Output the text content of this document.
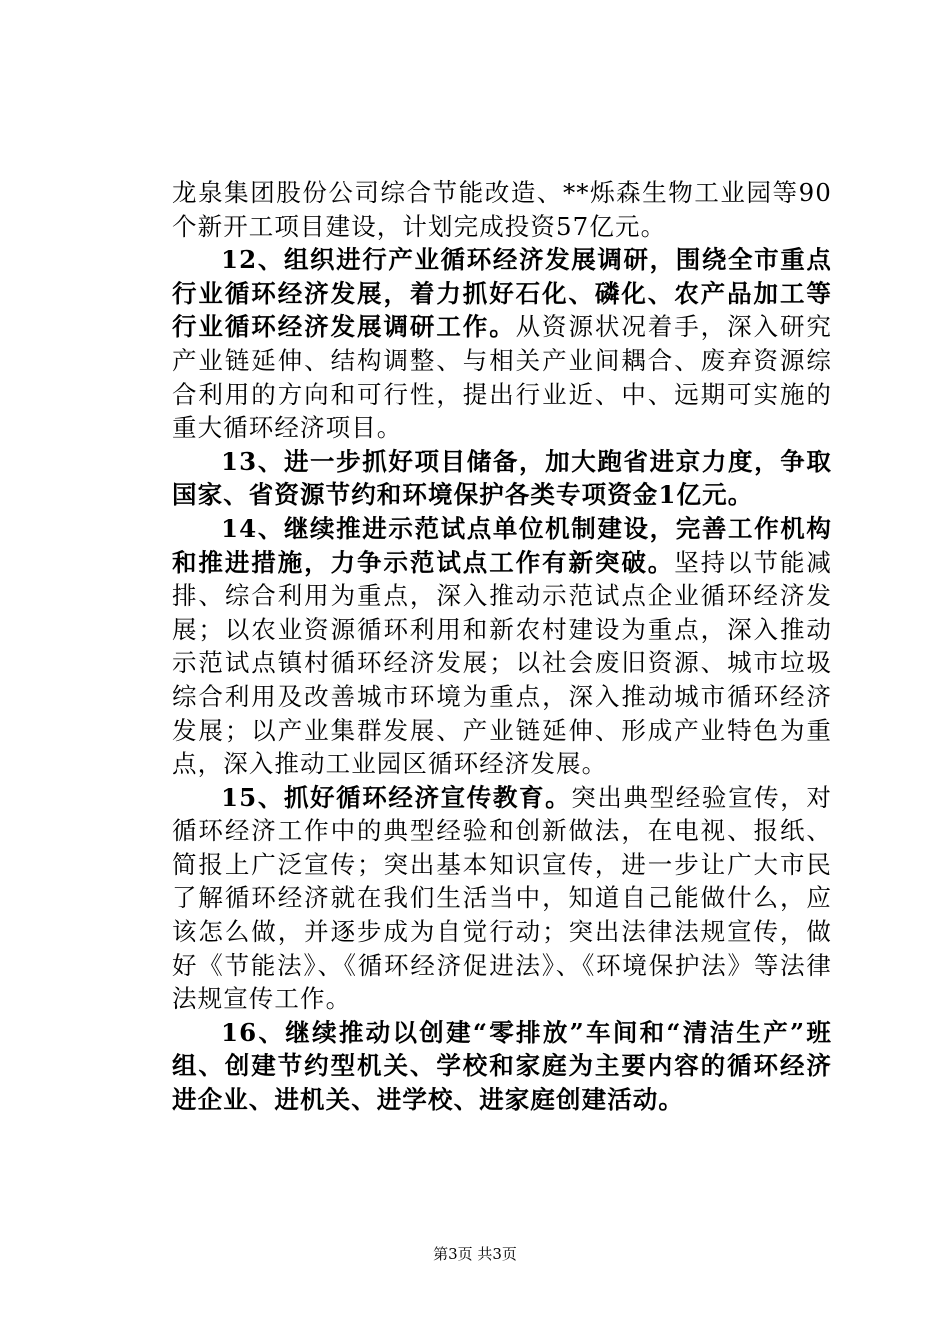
龙泉集团股份公司综合节能改造、**烁森生物工业园等90个新开工项目建设，计划完成投资57亿元。

12、组织进行产业循环经济发展调研，围绕全市重点行业循环经济发展，着力抓好石化、磷化、农产品加工等行业循环经济发展调研工作。从资源状况着手，深入研究产业链延伸、结构调整、与相关产业间耦合、废弃资源综合利用的方向和可行性，提出行业近、中、远期可实施的重大循环经济项目。

13、进一步抓好项目储备，加大跑省进京力度，争取国家、省资源节约和环境保护各类专项资金1亿元。

14、继续推进示范试点单位机制建设，完善工作机构和推进措施，力争示范试点工作有新突破。坚持以节能减排、综合利用为重点，深入推动示范试点企业循环经济发展；以农业资源循环利用和新农村建设为重点，深入推动示范试点镇村循环经济发展；以社会废旧资源、城市垃圾综合利用及改善城市环境为重点，深入推动城市循环经济发展；以产业集群发展、产业链延伸、形成产业特色为重点，深入推动工业园区循环经济发展。

15、抓好循环经济宣传教育。突出典型经验宣传，对循环经济工作中的典型经验和创新做法，在电视、报纸、简报上广泛宣传；突出基本知识宣传，进一步让广大市民了解循环经济就在我们生活当中，知道自己能做什么，应该怎么做，并逐步成为自觉行动；突出法律法规宣传，做好《节能法》、《循环经济促进法》、《环境保护法》等法律法规宣传工作。

16、继续推动以创建“零排放”车间和“清洁生产”班组、创建节约型机关、学校和家庭为主要内容的循环经济进企业、进机关、进学校、进家庭创建活动。

第3页 共3页
